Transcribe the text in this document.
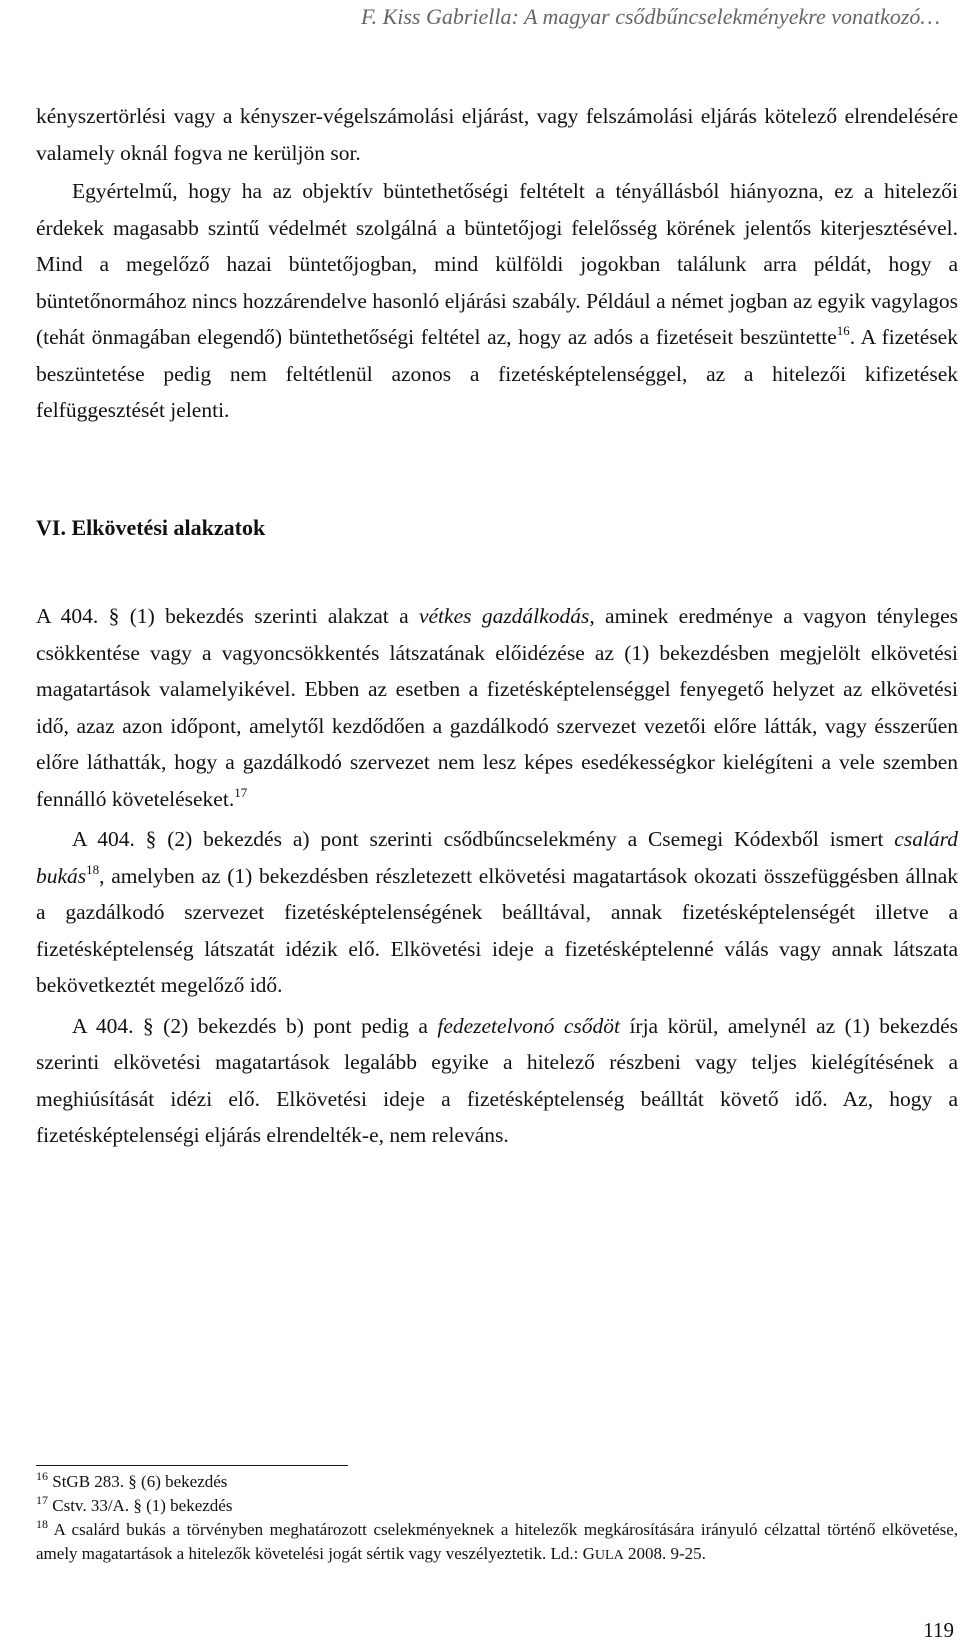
F. Kiss Gabriella: A magyar csődbűncselekményekre vonatkozó…

kényszertörlési vagy a kényszer-végelszámolási eljárást, vagy felszámolási eljárás kötelező elrendelésére valamely oknál fogva ne kerüljön sor.

Egyértelmű, hogy ha az objektív büntethetőségi feltételt a tényállásból hiányozna, ez a hitelezői érdekek magasabb szintű védelmét szolgálná a büntetőjogi felelősség körének jelentős kiterjesztésével. Mind a megelőző hazai büntetőjogban, mind külföldi jogokban találunk arra példát, hogy a büntetőnormához nincs hozzárendelve hasonló eljárási szabály. Például a német jogban az egyik vagylagos (tehát önmagában elegendő) büntethetőségi feltétel az, hogy az adós a fizetéseit beszüntette$^{16}$. A fizetések beszüntetése pedig nem feltétlenül azonos a fizetésképtelenséggel, az a hitelezői kifizetések felfüggesztését jelenti.

VI. Elkövetési alakzatok

A 404. § (1) bekezdés szerinti alakzat a vétkes gazdálkodás, aminek eredménye a vagyon tényleges csökkentése vagy a vagyoncsökkentés látszatának előidézése az (1) bekezdésben megjelölt elkövetési magatartások valamelyikével. Ebben az esetben a fizetésképtelenséggel fenyegető helyzet az elkövetési idő, azaz azon időpont, amelytől kezdődően a gazdálkodó szervezet vezetői előre látták, vagy ésszerűen előre láthatták, hogy a gazdálkodó szervezet nem lesz képes esedékességkor kielégíteni a vele szemben fennálló követeléseket.$^{17}$

A 404. § (2) bekezdés a) pont szerinti csődbűncselekmény a Csemegi Kódexből ismert csalárd bukás$^{18}$, amelyben az (1) bekezdésben részletezett elkövetési magatartások okozati összefüggésben állnak a gazdálkodó szervezet fizetésképtelenségének beálltával, annak fizetésképtelenségét illetve a fizetésképtelenség látszatát idézik elő. Elkövetési ideje a fizetésképtelenné válás vagy annak látszata bekövetkeztét megelőző idő.

A 404. § (2) bekezdés b) pont pedig a fedezetelvonó csődöt írja körül, amelynél az (1) bekezdés szerinti elkövetési magatartások legalább egyike a hitelező részbeni vagy teljes kielégítésének a meghiúsítását idézi elő. Elkövetési ideje a fizetésképtelenség beálltát követő idő. Az, hogy a fizetésképtelenségi eljárás elrendelték-e, nem releváns.

$^{16}$ StGB 283. § (6) bekezdés

$^{17}$ Cstv. 33/A. § (1) bekezdés

$^{18}$ A csalárd bukás a törvényben meghatározott cselekményeknek a hitelezők megkárosítására irányuló célzattal történő elkövetése, amely magatartások a hitelezők követelési jogát sértik vagy veszélyeztetik. Ld.: GULA 2008. 9-25.

119
